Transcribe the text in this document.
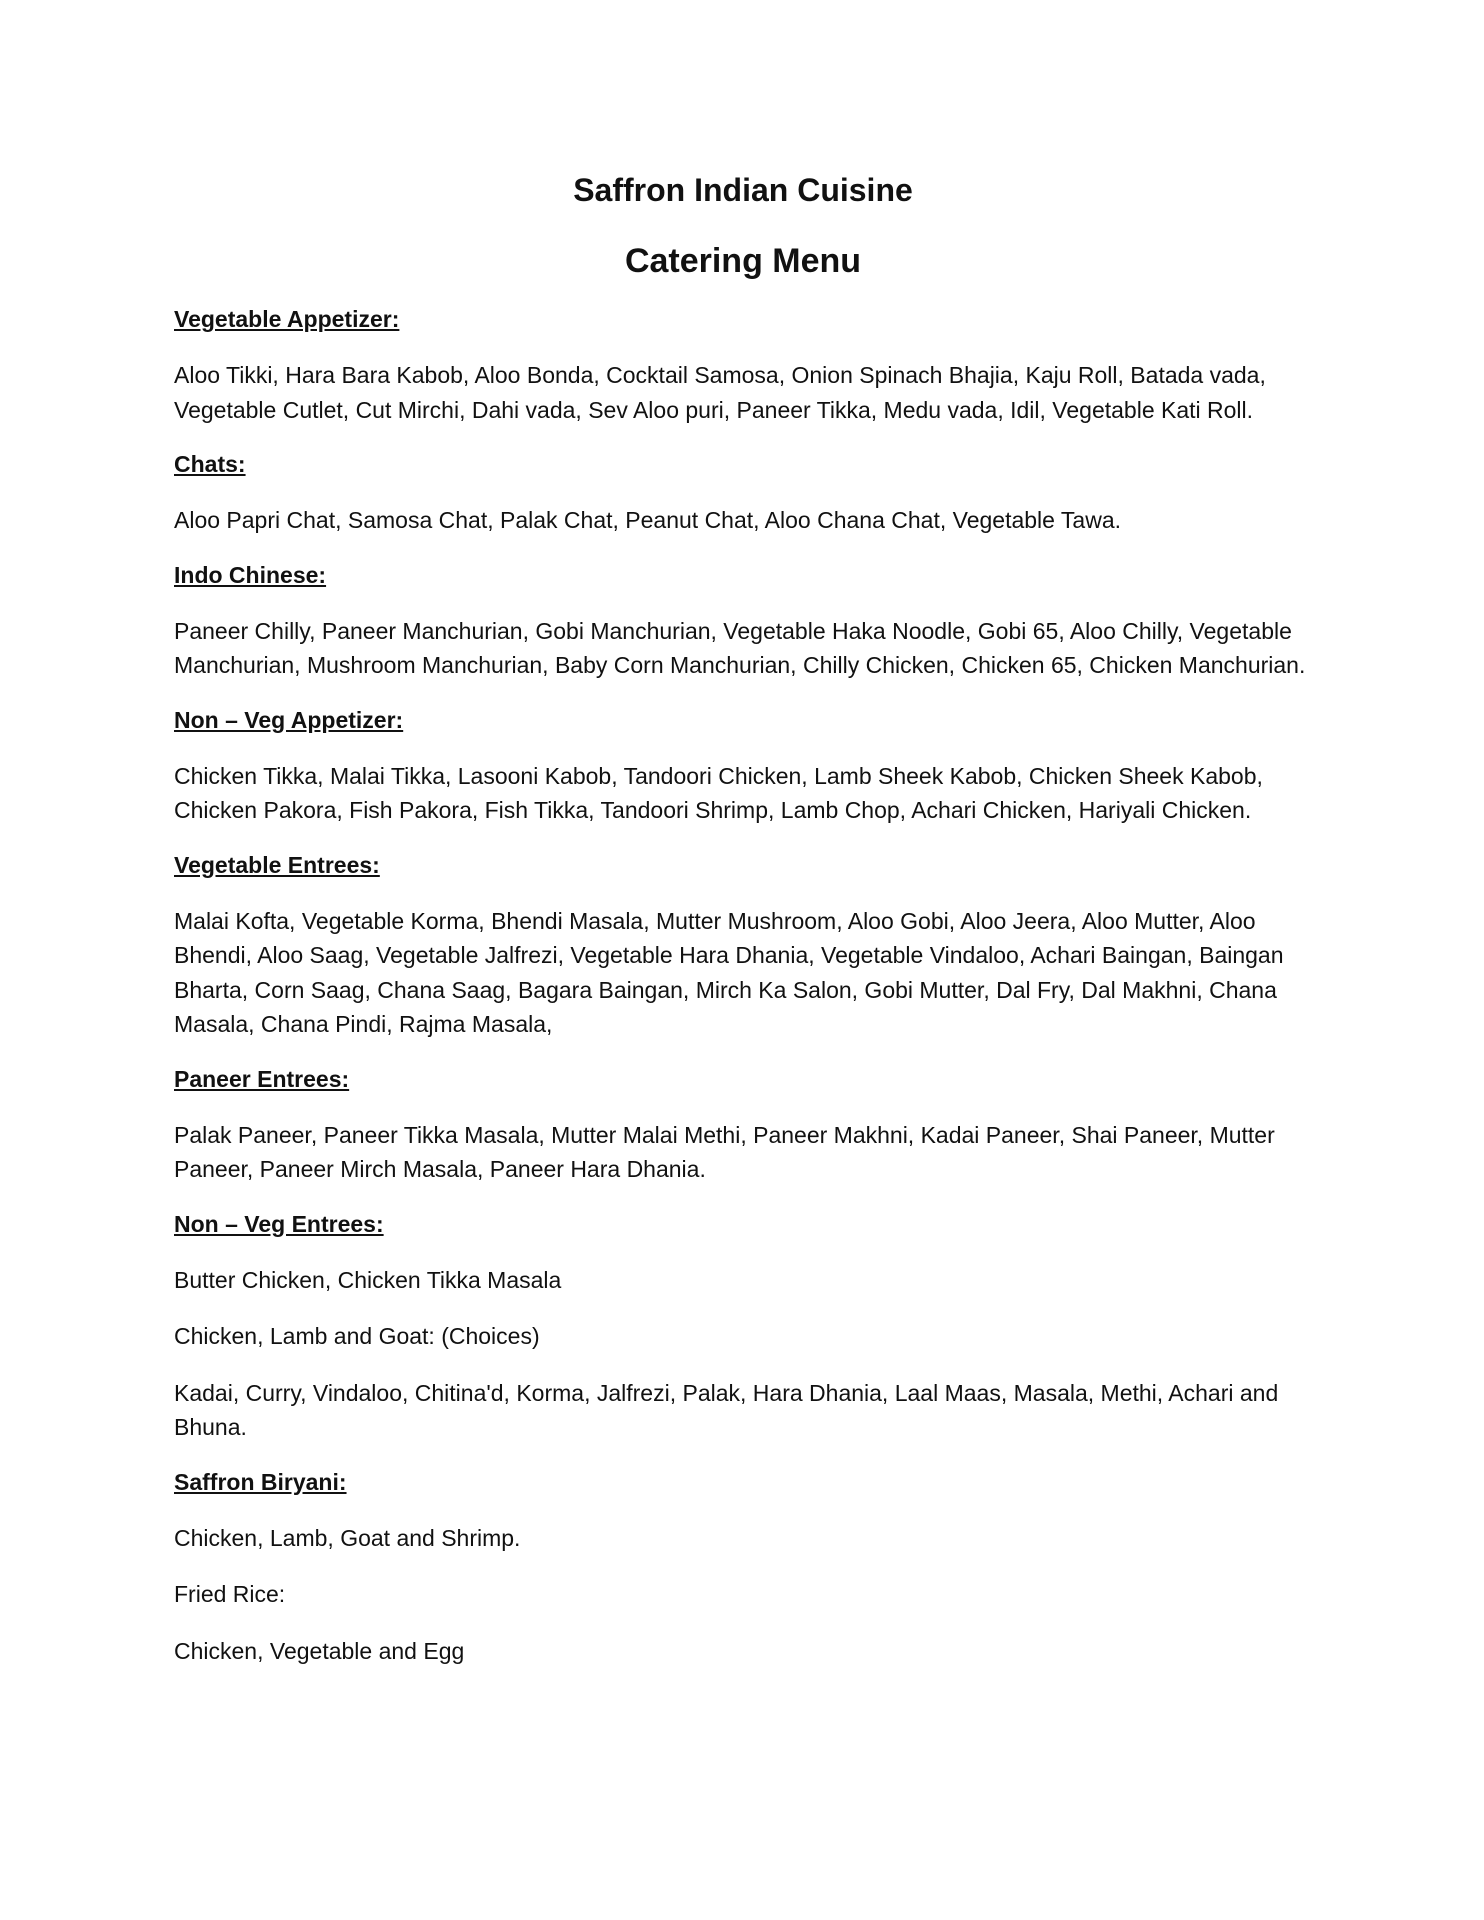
Saffron Indian Cuisine
Catering Menu
Vegetable Appetizer:

Aloo Tikki, Hara Bara Kabob, Aloo Bonda, Cocktail Samosa, Onion Spinach Bhajia, Kaju Roll, Batada vada, Vegetable Cutlet, Cut Mirchi, Dahi vada, Sev Aloo puri, Paneer Tikka, Medu vada, Idil, Vegetable Kati Roll.

Chats:

Aloo Papri Chat, Samosa Chat, Palak Chat, Peanut Chat, Aloo Chana Chat, Vegetable Tawa.

Indo Chinese:

Paneer Chilly, Paneer Manchurian, Gobi Manchurian, Vegetable Haka Noodle, Gobi 65, Aloo Chilly, Vegetable Manchurian, Mushroom Manchurian, Baby Corn Manchurian, Chilly Chicken, Chicken 65, Chicken Manchurian.

Non – Veg Appetizer:

Chicken Tikka, Malai Tikka, Lasooni Kabob, Tandoori Chicken, Lamb Sheek Kabob, Chicken Sheek Kabob, Chicken Pakora, Fish Pakora, Fish Tikka, Tandoori Shrimp, Lamb Chop, Achari Chicken, Hariyali Chicken.

Vegetable Entrees:

Malai Kofta, Vegetable Korma, Bhendi Masala, Mutter Mushroom, Aloo Gobi, Aloo Jeera, Aloo Mutter, Aloo Bhendi, Aloo Saag, Vegetable Jalfrezi, Vegetable Hara Dhania, Vegetable Vindaloo, Achari Baingan, Baingan Bharta, Corn Saag, Chana Saag, Bagara Baingan, Mirch Ka Salon, Gobi Mutter, Dal Fry, Dal Makhni, Chana Masala, Chana Pindi, Rajma Masala,

Paneer Entrees:

Palak Paneer, Paneer Tikka Masala, Mutter Malai Methi, Paneer Makhni, Kadai Paneer, Shai Paneer, Mutter Paneer, Paneer Mirch Masala, Paneer Hara Dhania.

Non – Veg Entrees:

Butter Chicken, Chicken Tikka Masala

Chicken, Lamb and Goat: (Choices)

Kadai, Curry, Vindaloo, Chitina'd, Korma, Jalfrezi, Palak, Hara Dhania, Laal Maas, Masala, Methi, Achari and Bhuna.

Saffron Biryani:

Chicken, Lamb, Goat and Shrimp.

Fried Rice:

Chicken, Vegetable and Egg
